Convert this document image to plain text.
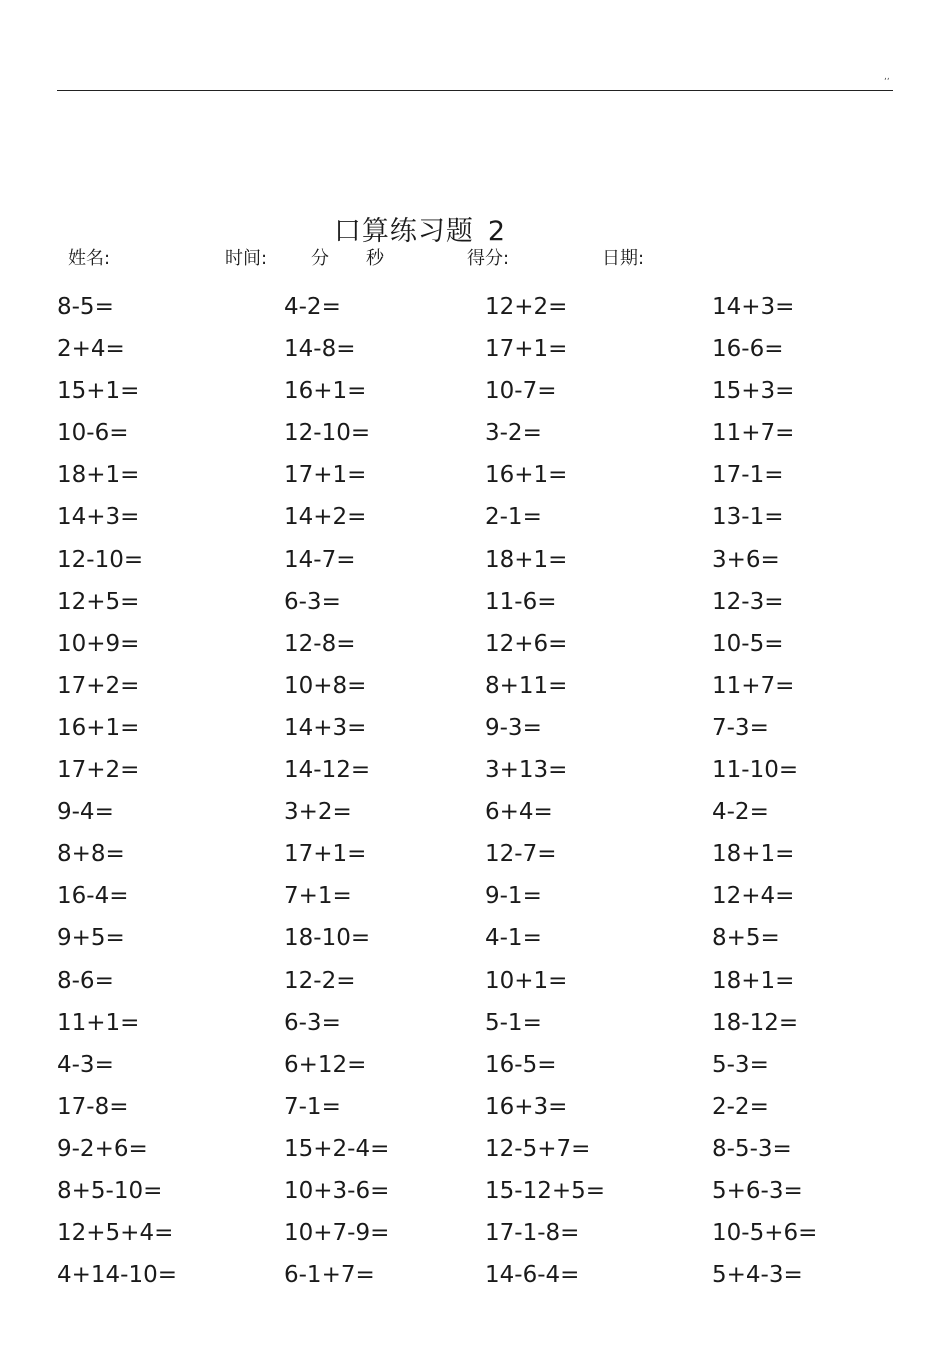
,,
口算练习题 2
姓名:	时间: 分 秒	得分:	日期:
8-5=	4-2=	12+2=	14+3=
2+4=	14-8=	17+1=	16-6=
15+1=	16+1=	10-7=	15+3=
10-6=	12-10=	3-2=	11+7=
18+1=	17+1=	16+1=	17-1=
14+3=	14+2=	2-1=	13-1=
12-10=	14-7=	18+1=	3+6=
12+5=	6-3=	11-6=	12-3=
10+9=	12-8=	12+6=	10-5=
17+2=	10+8=	8+11=	11+7=
16+1=	14+3=	9-3=	7-3=
17+2=	14-12=	3+13=	11-10=
9-4=	3+2=	6+4=	4-2=
8+8=	17+1=	12-7=	18+1=
16-4=	7+1=	9-1=	12+4=
9+5=	18-10=	4-1=	8+5=
8-6=	12-2=	10+1=	18+1=
11+1=	6-3=	5-1=	18-12=
4-3=	6+12=	16-5=	5-3=
17-8=	7-1=	16+3=	2-2=
9-2+6=	15+2-4=	12-5+7=	8-5-3=
8+5-10=	10+3-6=	15-12+5=	5+6-3=
12+5+4=	10+7-9=	17-1-8=	10-5+6=
4+14-10=	6-1+7=	14-6-4=	5+4-3=
